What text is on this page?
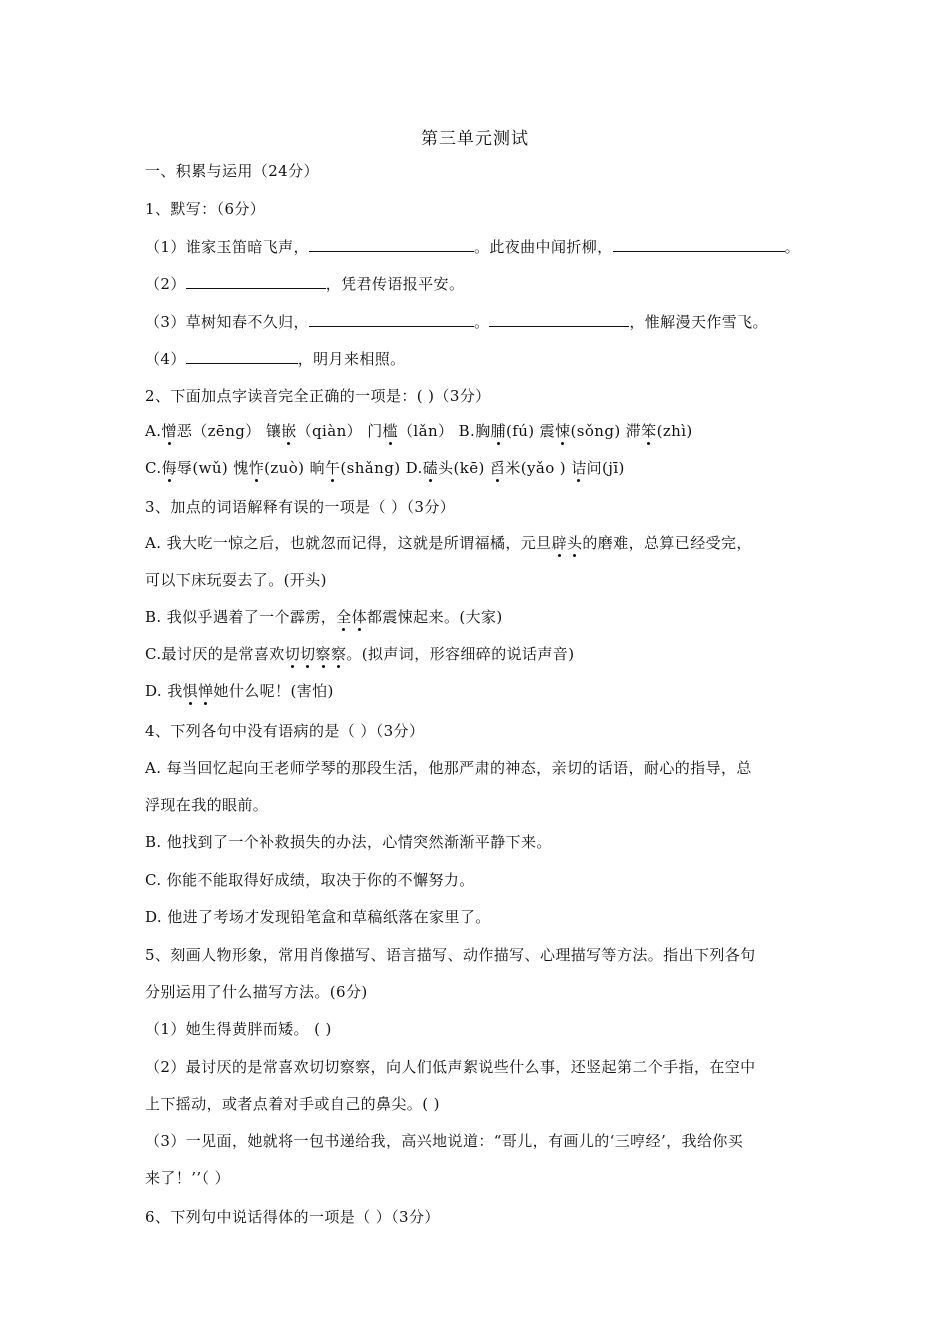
第三单元测试
一、积累与运用（24分）
1、默写：（6分）
（1）谁家玉笛暗飞声，	。此夜曲中闻折柳，	。
（2）	，凭君传语报平安。
（3）草树知春不久归，	。	，惟解漫天作雪飞。
（4）	，明月来相照。
2、下面加点字读音完全正确的一项是：( )（3分）
A.憎恶（zēng） 镶嵌（qiàn） 门槛（lǎn） B.胸脯(fú) 震悚(sǒng) 滞笨(zhì)
C.侮辱(wǔ) 愧怍(zuò) 晌午(shǎng) D.磕头(kē) 舀米(yǎo ) 诘问(jī)
3、加点的词语解释有误的一项是（ ）（3分）
A. 我大吃一惊之后，也就忽而记得，这就是所谓福橘，元旦辟头的磨难，总算已经受完，
可以下床玩耍去了。(开头)
B. 我似乎遇着了一个霹雳，全体都震悚起来。(大家)
C.最讨厌的是常喜欢切切察察。(拟声词，形容细碎的说话声音)
D. 我惧惮她什么呢！(害怕)
4、下列各句中没有语病的是（ ）（3分）
A. 每当回忆起向王老师学琴的那段生活，他那严肃的神态，亲切的话语，耐心的指导，总
浮现在我的眼前。
B. 他找到了一个补救损失的办法，心情突然渐渐平静下来。
C. 你能不能取得好成绩，取决于你的不懈努力。
D. 他进了考场才发现铅笔盒和草稿纸落在家里了。
5、刻画人物形象，常用肖像描写、语言描写、动作描写、心理描写等方法。指出下列各句
分别运用了什么描写方法。(6分)
（1）她生得黄胖而矮。 ( )
（2）最讨厌的是常喜欢切切察察，向人们低声絮说些什么事，还竖起第二个手指，在空中
上下摇动，或者点着对手或自己的鼻尖。( )
（3）一见面，她就将一包书递给我，高兴地说道：“哥儿，有画儿的‘三哼经’，我给你买
来了！’’（ ）
6、下列句中说话得体的一项是（ ）（3分）
